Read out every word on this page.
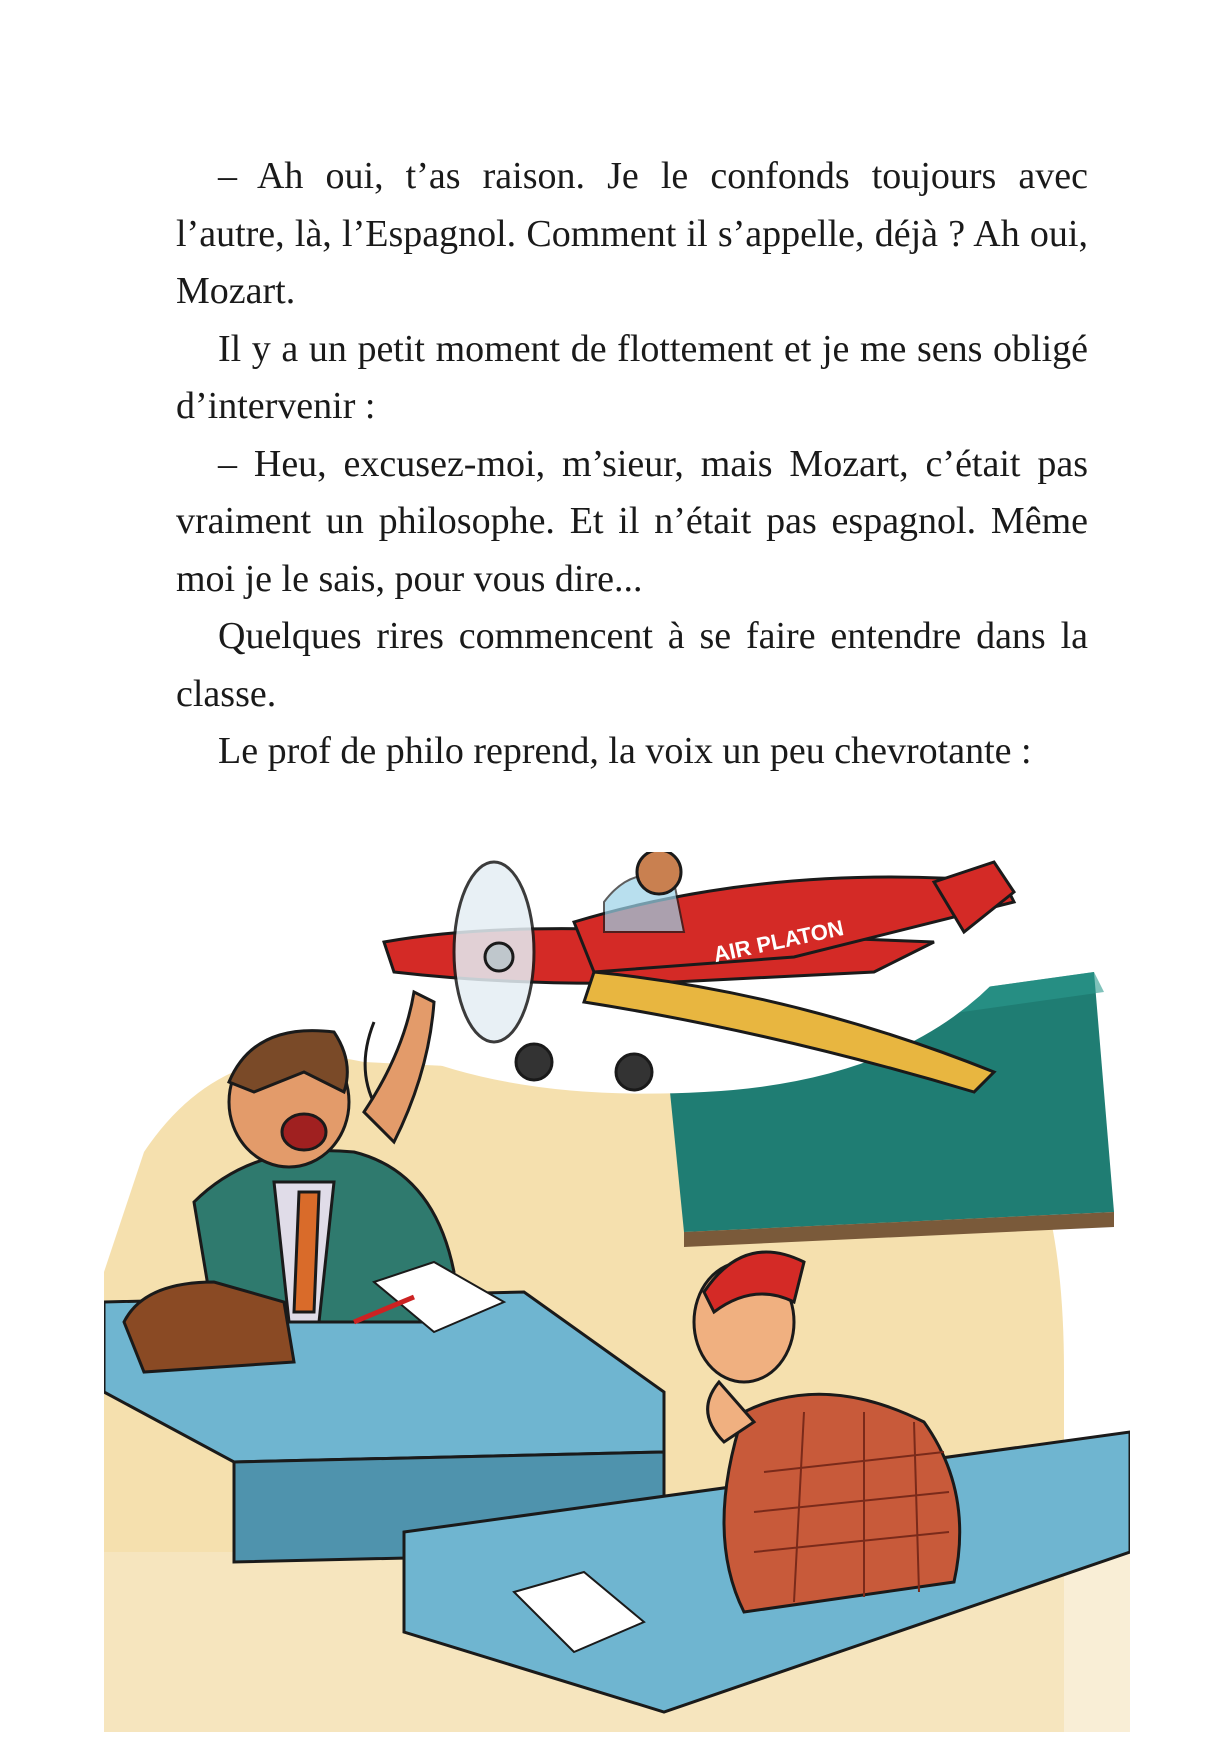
– Ah oui, t’as raison. Je le confonds toujours avec l’autre, là, l’Espagnol. Comment il s’appelle, déjà ? Ah oui, Mozart.

Il y a un petit moment de flottement et je me sens obligé d’intervenir :

– Heu, excusez-moi, m’sieur, mais Mozart, c’était pas vraiment un philosophe. Et il n’était pas espagnol. Même moi je le sais, pour vous dire...

Quelques rires commencent à se faire entendre dans la classe.

Le prof de philo reprend, la voix un peu chevrotante :

AIR PLATON
